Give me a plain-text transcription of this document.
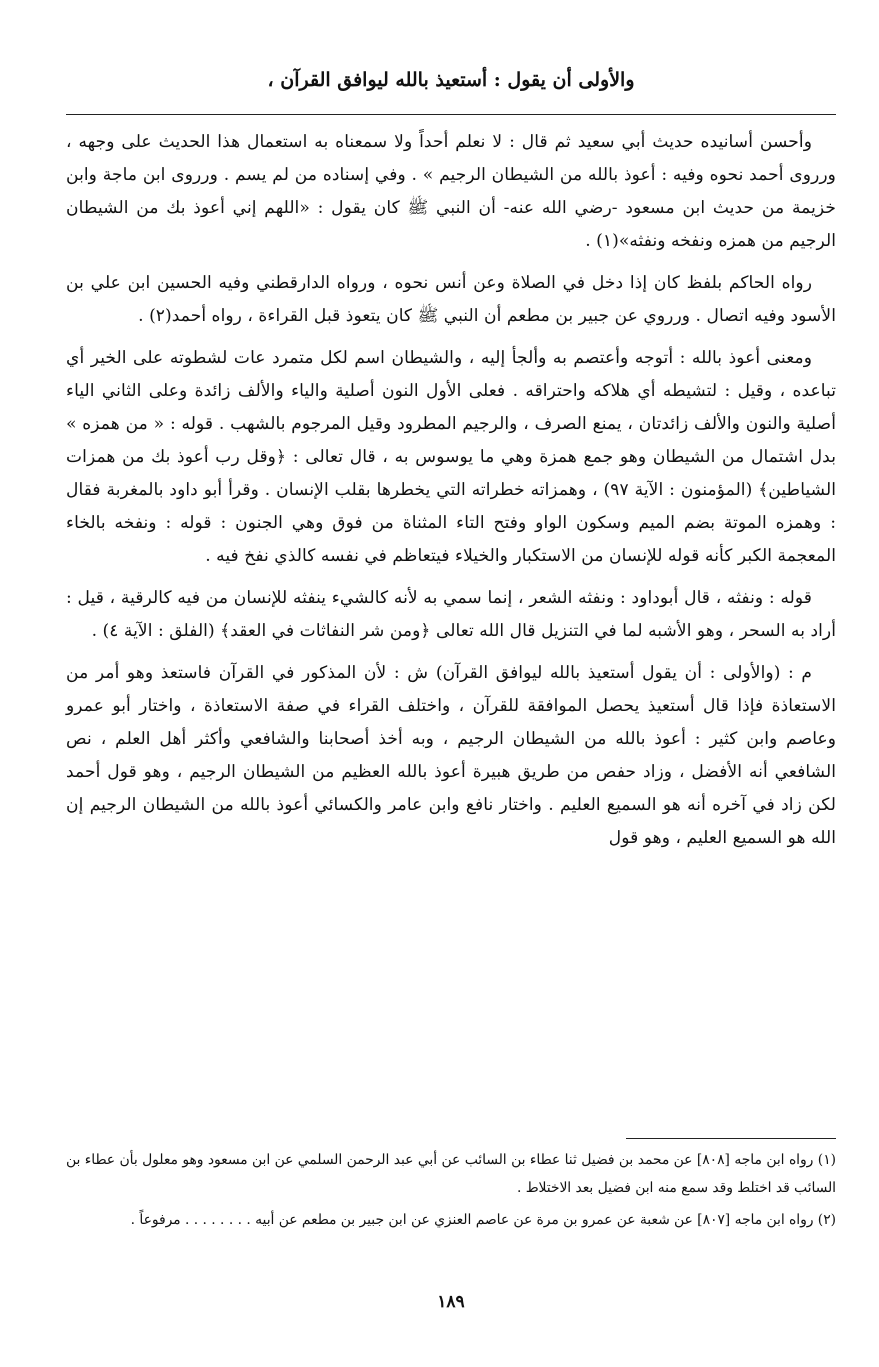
والأولى أن يقول : أستعيذ بالله ليوافق القرآن ،

وأحسن أسانيده حديث أبي سعيد ثم قال : لا نعلم أحداً ولا سمعناه به استعمال هذا الحديث على وجهه ، ورروى أحمد نحوه وفيه : أعوذ بالله من الشيطان الرجيم » . وفي إسناده من لم يسم . ورروى ابن ماجة وابن خزيمة من حديث ابن مسعود -رضي الله عنه- أن النبي ﷺ كان يقول : «اللهم إني أعوذ بك من الشيطان الرجيم من همزه ونفخه ونفثه»(١) .

رواه الحاكم بلفظ كان إذا دخل في الصلاة وعن أنس نحوه ، ورواه الدارقطني وفيه الحسين ابن علي بن الأسود وفيه اتصال . ورروي عن جبير بن مطعم أن النبي ﷺ كان يتعوذ قبل القراءة ، رواه أحمد(٢) .

ومعنى أعوذ بالله : أتوجه وأعتصم به وألجأ إليه ، والشيطان اسم لكل متمرد عات لشطوته على الخير أي تباعده ، وقيل : لتشيطه أي هلاكه واحتراقه . فعلى الأول النون أصلية والياء والألف زائدة وعلى الثاني الياء أصلية والنون والألف زائدتان ، يمنع الصرف ، والرجيم المطرود وقيل المرجوم بالشهب . قوله : « من همزه » بدل اشتمال من الشيطان وهو جمع همزة وهي ما يوسوس به ، قال تعالى : ﴿وقل رب أعوذ بك من همزات الشياطين﴾ (المؤمنون : الآية ٩٧) ، وهمزاته خطراته التي يخطرها بقلب الإنسان . وقرأ أبو داود بالمغربة فقال : وهمزه الموتة بضم الميم وسكون الواو وفتح التاء المثناة من فوق وهي الجنون : قوله : ونفخه بالخاء المعجمة الكبر كأنه قوله للإنسان من الاستكبار والخيلاء فيتعاظم في نفسه كالذي نفخ فيه .

قوله : ونفثه ، قال أبوداود : ونفثه الشعر ، إنما سمي به لأنه كالشيء ينفثه للإنسان من فيه كالرقية ، قيل : أراد به السحر ، وهو الأشبه لما في التنزيل قال الله تعالى ﴿ومن شر النفاثات في العقد﴾ (الفلق : الآية ٤) .

م : (والأولى : أن يقول أستعيذ بالله ليوافق القرآن) ش : لأن المذكور في القرآن فاستعذ وهو أمر من الاستعاذة فإذا قال أستعيذ يحصل الموافقة للقرآن ، واختلف القراء في صفة الاستعاذة ، واختار أبو عمرو وعاصم وابن كثير : أعوذ بالله من الشيطان الرجيم ، وبه أخذ أصحابنا والشافعي وأكثر أهل العلم ، نص الشافعي أنه الأفضل ، وزاد حفص من طريق هبيرة أعوذ بالله العظيم من الشيطان الرجيم ، وهو قول أحمد لكن زاد في آخره أنه هو السميع العليم . واختار نافع وابن عامر والكسائي أعوذ بالله من الشيطان الرجيم إن الله هو السميع العليم ، وهو قول

(١) رواه ابن ماجه [٨٠٨] عن محمد بن فضيل ثنا عطاء بن السائب عن أبي عبد الرحمن السلمي عن ابن مسعود وهو معلول بأن عطاء بن السائب قد اختلط وقد سمع منه ابن فضيل بعد الاختلاط .

(٢) رواه ابن ماجه [٨٠٧] عن شعبة عن عمرو بن مرة عن عاصم العنزي عن ابن جبير بن مطعم عن أبيه . . . . . . . . مرفوعاً .

١٨٩
